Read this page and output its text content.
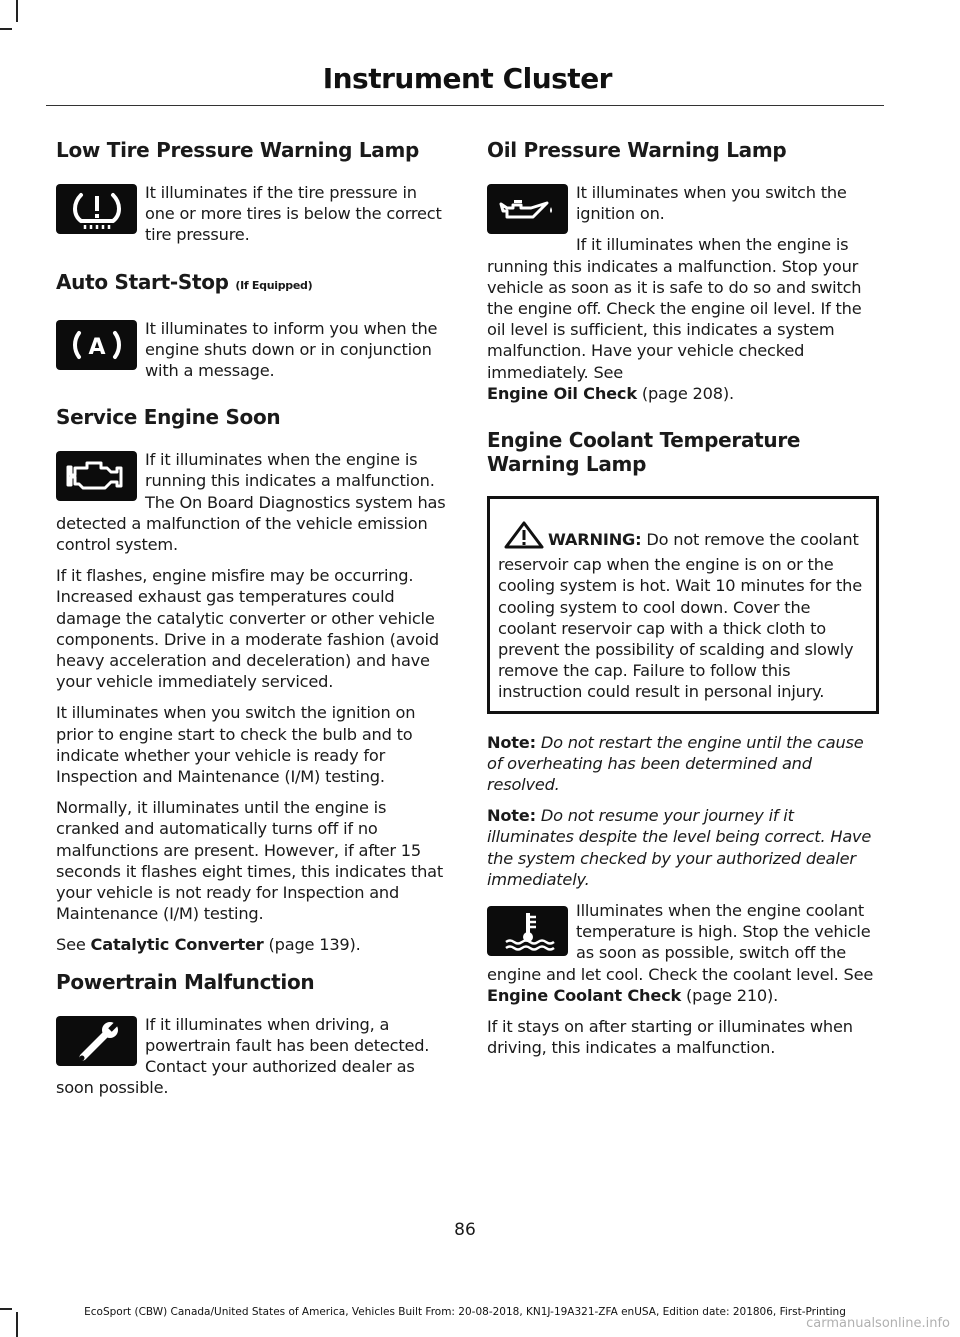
Instrument Cluster
Low Tire Pressure Warning Lamp

It illuminates if the tire pressure in one or more tires is below the correct tire pressure.

Auto Start-Stop (If Equipped)
A

It illuminates to inform you when the engine shuts down or in conjunction with a message.

Service Engine Soon

If it illuminates when the engine is running this indicates a malfunction. The On Board Diagnostics system has detected a malfunction of the vehicle emission control system.

If it flashes, engine misfire may be occurring. Increased exhaust gas temperatures could damage the catalytic converter or other vehicle components. Drive in a moderate fashion (avoid heavy acceleration and deceleration) and have your vehicle immediately serviced.

It illuminates when you switch the ignition on prior to engine start to check the bulb and to indicate whether your vehicle is ready for Inspection and Maintenance (I/M) testing.

Normally, it illuminates until the engine is cranked and automatically turns off if no malfunctions are present. However, if after 15 seconds it flashes eight times, this indicates that your vehicle is not ready for Inspection and Maintenance (I/M) testing.

See Catalytic Converter (page 139).

Powertrain Malfunction

If it illuminates when driving, a powertrain fault has been detected. Contact your authorized dealer as soon possible.

Oil Pressure Warning Lamp

It illuminates when you switch the ignition on.

If it illuminates when the engine is running this indicates a malfunction. Stop your vehicle as soon as it is safe to do so and switch the engine off. Check the engine oil level. If the oil level is sufficient, this indicates a system malfunction. Have your vehicle checked immediately. See
Engine Oil Check (page 208).

Engine Coolant Temperature Warning Lamp

WARNING: Do not remove the coolant reservoir cap when the engine is on or the cooling system is hot. Wait 10 minutes for the cooling system to cool down. Cover the coolant reservoir cap with a thick cloth to prevent the possibility of scalding and slowly remove the cap. Failure to follow this instruction could result in personal injury.

Note: Do not restart the engine until the cause of overheating has been determined and resolved.

Note: Do not resume your journey if it illuminates despite the level being correct. Have the system checked by your authorized dealer immediately.

Illuminates when the engine coolant temperature is high. Stop the vehicle as soon as possible, switch off the engine and let cool. Check the coolant level. See Engine Coolant Check (page 210).

If it stays on after starting or illuminates when driving, this indicates a malfunction.

86
EcoSport (CBW) Canada/United States of America, Vehicles Built From: 20-08-2018, KN1J-19A321-ZFA enUSA, Edition date: 201806, First-Printing
carmanualsonline.info
